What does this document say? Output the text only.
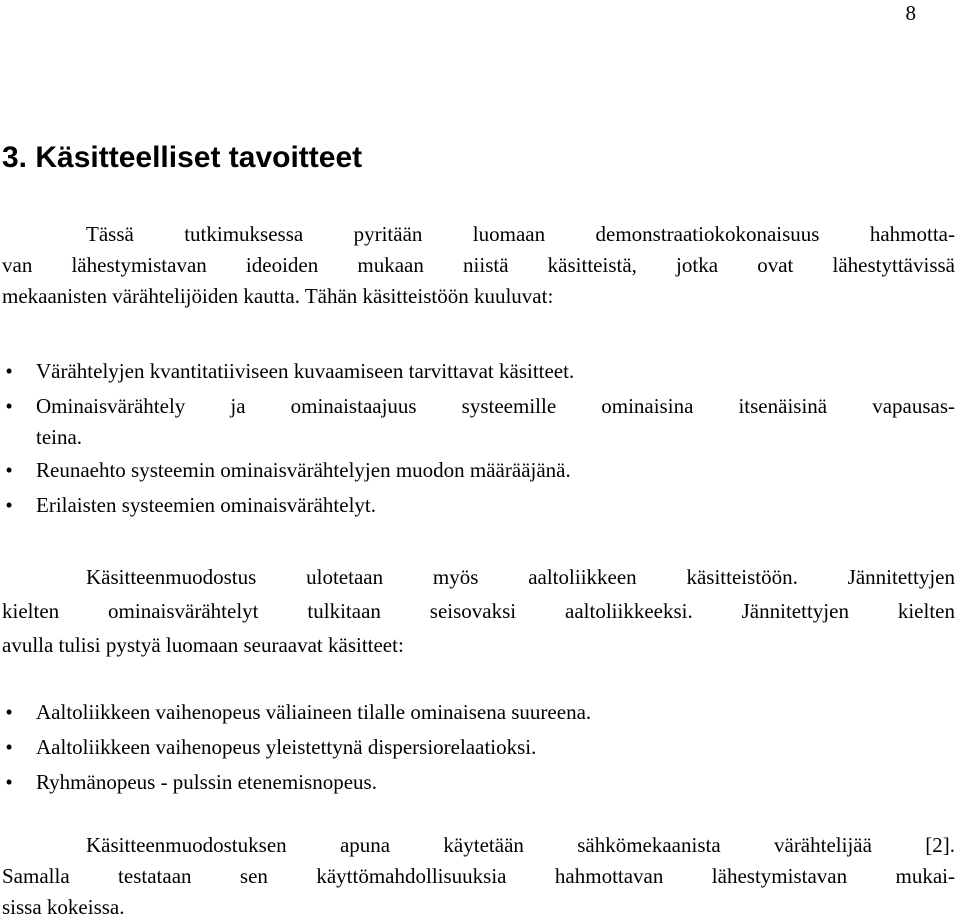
8
3. Käsitteelliset tavoitteet

Tässä tutkimuksessa pyritään luomaan demonstraatiokokonaisuus hahmotta-
van lähestymistavan ideoiden mukaan niistä käsitteistä, jotka ovat lähestyttävissä
mekaanisten värähtelijöiden kautta. Tähän käsitteistöön kuuluvat:

• Värähtelyjen kvantitatiiviseen kuvaamiseen tarvittavat käsitteet.
• Ominaisvärähtely ja ominaistaajuus systeemille ominaisina itsenäisinä vapausas-
teina.
• Reunaehto systeemin ominaisvärähtelyjen muodon määrääjänä.
• Erilaisten systeemien ominaisvärähtelyt.

Käsitteenmuodostus ulotetaan myös aaltoliikkeen käsitteistöön. Jännitettyjen
kielten ominaisvärähtelyt tulkitaan seisovaksi aaltoliikkeeksi. Jännitettyjen kielten
avulla tulisi pystyä luomaan seuraavat käsitteet:

• Aaltoliikkeen vaihenopeus väliaineen tilalle ominaisena suureena.
• Aaltoliikkeen vaihenopeus yleistettynä dispersiorelaatioksi.
• Ryhmänopeus - pulssin etenemisnopeus.

Käsitteenmuodostuksen apuna käytetään sähkömekaanista värähtelijää [2].
Samalla testataan sen käyttömahdollisuuksia hahmottavan lähestymistavan mukai-
sissa kokeissa.
